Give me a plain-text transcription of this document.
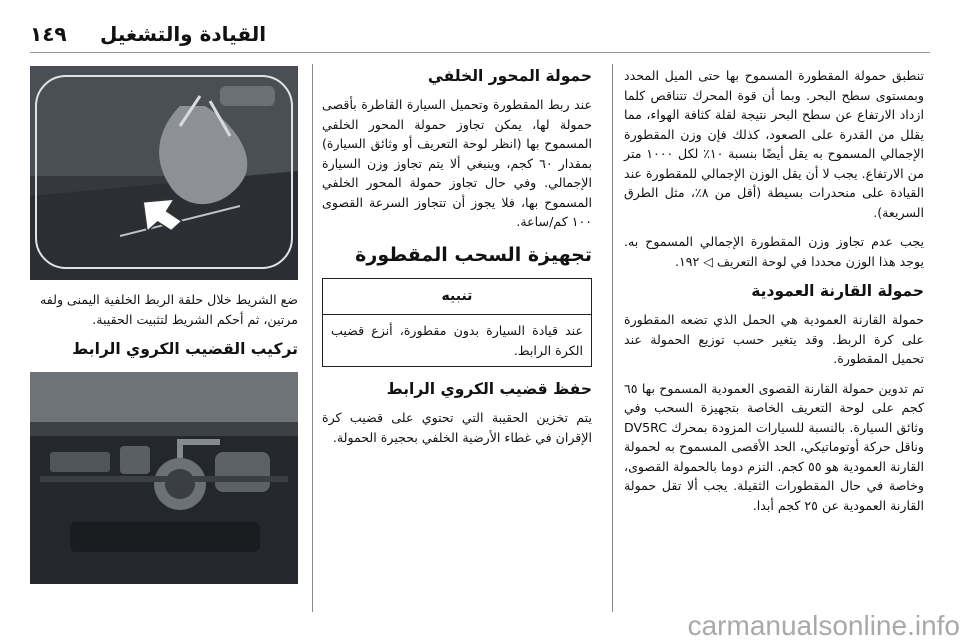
١٤٩ القيادة والتشغيل

تنطبق حمولة المقطورة المسموح بها حتى الميل المحدد وبمستوى سطح البحر. وبما أن قوة المحرك تتناقص كلما ازداد الارتفاع عن سطح البحر نتيجة لقلة كثافة الهواء، مما يقلل من القدرة على الصعود، كذلك فإن وزن المقطورة الإجمالي المسموح به يقل أيضًا بنسبة ١٠٪ لكل ١٠٠٠ متر من الارتفاع. يجب لا أن يقل الوزن الإجمالي للمقطورة عند القيادة على منحدرات بسيطة (أقل من ٨٪، مثل الطرق السريعة).

يجب عدم تجاوز وزن المقطورة الإجمالي المسموح به. يوجد هذا الوزن محددا في لوحة التعريف ◁ ١٩٢.

حمولة القارنة العمودية

حمولة القارنة العمودية هي الحمل الذي تضعه المقطورة على كرة الربط. وقد يتغير حسب توزيع الحمولة عند تحميل المقطورة.

تم تدوين حمولة القارنة القصوى العمودية المسموح بها ٦٥ كجم على لوحة التعريف الخاصة بتجهيزة السحب وفي وثائق السيارة. بالنسبة للسيارات المزودة بمحرك DV5RC وناقل حركة أوتوماتيكي، الحد الأقصى المسموح به لحمولة القارنة العمودية هو ٥٥ كجم. التزم دوما بالحمولة القصوى، وخاصة في حال المقطورات الثقيلة. يجب ألا تقل حمولة القارنة العمودية عن ٢٥ كجم أبدا.

حمولة المحور الخلفي

عند ربط المقطورة وتحميل السيارة القاطرة بأقصى حمولة لها، يمكن تجاوز حمولة المحور الخلفي المسموح بها (انظر لوحة التعريف أو وثائق السيارة) بمقدار ٦٠ كجم، وينبغي ألا يتم تجاوز وزن السيارة الإجمالي. وفي حال تجاوز حمولة المحور الخلفي المسموح بها، فلا يجوز أن تتجاوز السرعة القصوى ١٠٠ كم/ساعة.

تجهيزة السحب المقطورة
تنبيه
عند قيادة السيارة بدون مقطورة، أنزع قضيب الكرة الرابط.
حفظ قضيب الكروي الرابط

يتم تخزين الحقيبة التي تحتوي على قضيب كرة الإقران في غطاء الأرضية الخلفي بحجيرة الحمولة.

ضع الشريط خلال حلقة الربط الخلفية اليمنى ولفه مرتين، ثم أحكم الشريط لتثبيت الحقيبة.

تركيب القضيب الكروي الرابط
carmanualsonline.info
